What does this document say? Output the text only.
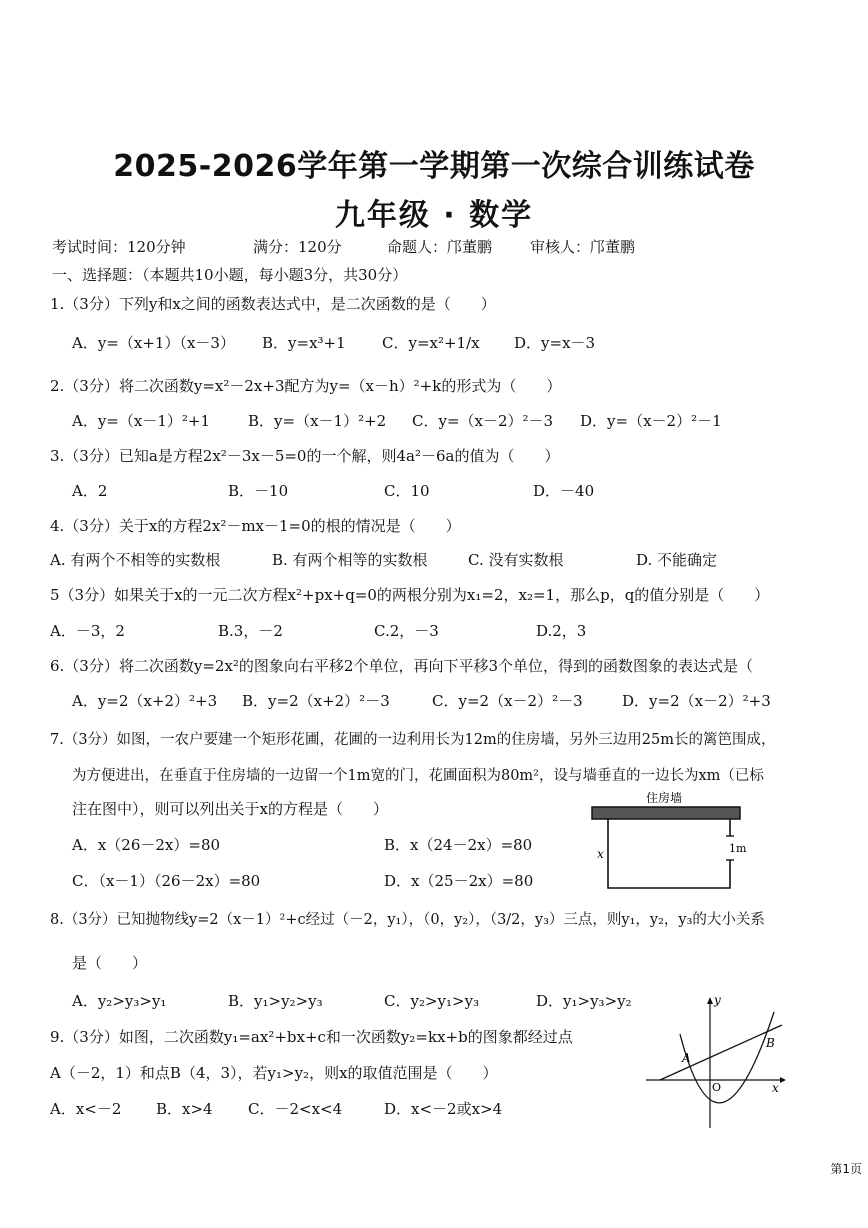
2025-2026学年第一学期第一次综合训练试卷
九年级 · 数学
考试时间：120分钟	满分：120分	命题人：邝董鹏	审核人：邝董鹏
一、选择题：（本题共10小题，每小题3分，共30分）
1.（3分）下列y和x之间的函数表达式中，是二次函数的是（　　）
A．y=（x+1）（x－3） B．y=x³+1 C．y=x²+1/x D．y=x－3
2.（3分）将二次函数y=x²－2x+3配方为y=（x－h）²+k的形式为（　　）
A．y=（x－1）²+1	B．y=（x－1）²+2 C．y=（x－2）²－3 D．y=（x－2）²－1
3.（3分）已知a是方程2x²－3x－5=0的一个解，则4a²－6a的值为（　　）
A．2	B．－10	C．10	D．－40
4.（3分）关于x的方程2x²－mx－1=0的根的情况是（　　）
A. 有两个不相等的实数根	B. 有两个相等的实数根	C. 没有实数根	D. 不能确定
5（3分）如果关于x的一元二次方程x²+px+q=0的两根分别为x₁=2，x₂=1，那么p，q的值分别是（　　）
A．－3，2	B.3，－2	C.2，－3	D.2，3
6.（3分）将二次函数y=2x²的图象向右平移2个单位，再向下平移3个单位，得到的函数图象的表达式是（
A．y=2（x+2）²+3 B．y=2（x+2）²－3	C．y=2（x－2）²－3	D．y=2（x－2）²+3
7.（3分）如图，一农户要建一个矩形花圃，花圃的一边利用长为12m的住房墙，另外三边用25m长的篱笆围成，
为方便进出，在垂直于住房墙的一边留一个1m宽的门，花圃面积为80m²，设与墙垂直的一边长为xm（已标
注在图中），则可以列出关于x的方程是（　　）
A．x（26－2x）=80	B．x（24－2x）=80
C．（x－1）（26－2x）=80	D．x（25－2x）=80
住房墙
1m
x
8.（3分）已知抛物线y=2（x－1）²+c经过（－2，y₁），（0，y₂），（3/2，y₃）三点，则y₁，y₂，y₃的大小关系
是（　　）
A．y₂>y₃>y₁	B．y₁>y₂>y₃	C．y₂>y₁>y₃	D．y₁>y₃>y₂
9.（3分）如图，二次函数y₁=ax²+bx+c和一次函数y₂=kx+b的图象都经过点
A（－2，1）和点B（4，3），若y₁>y₂，则x的取值范围是（　　）
A．x<－2 B．x>4 C．－2<x<4	D．x<－2或x>4
y
x
O
A
B
第1页
